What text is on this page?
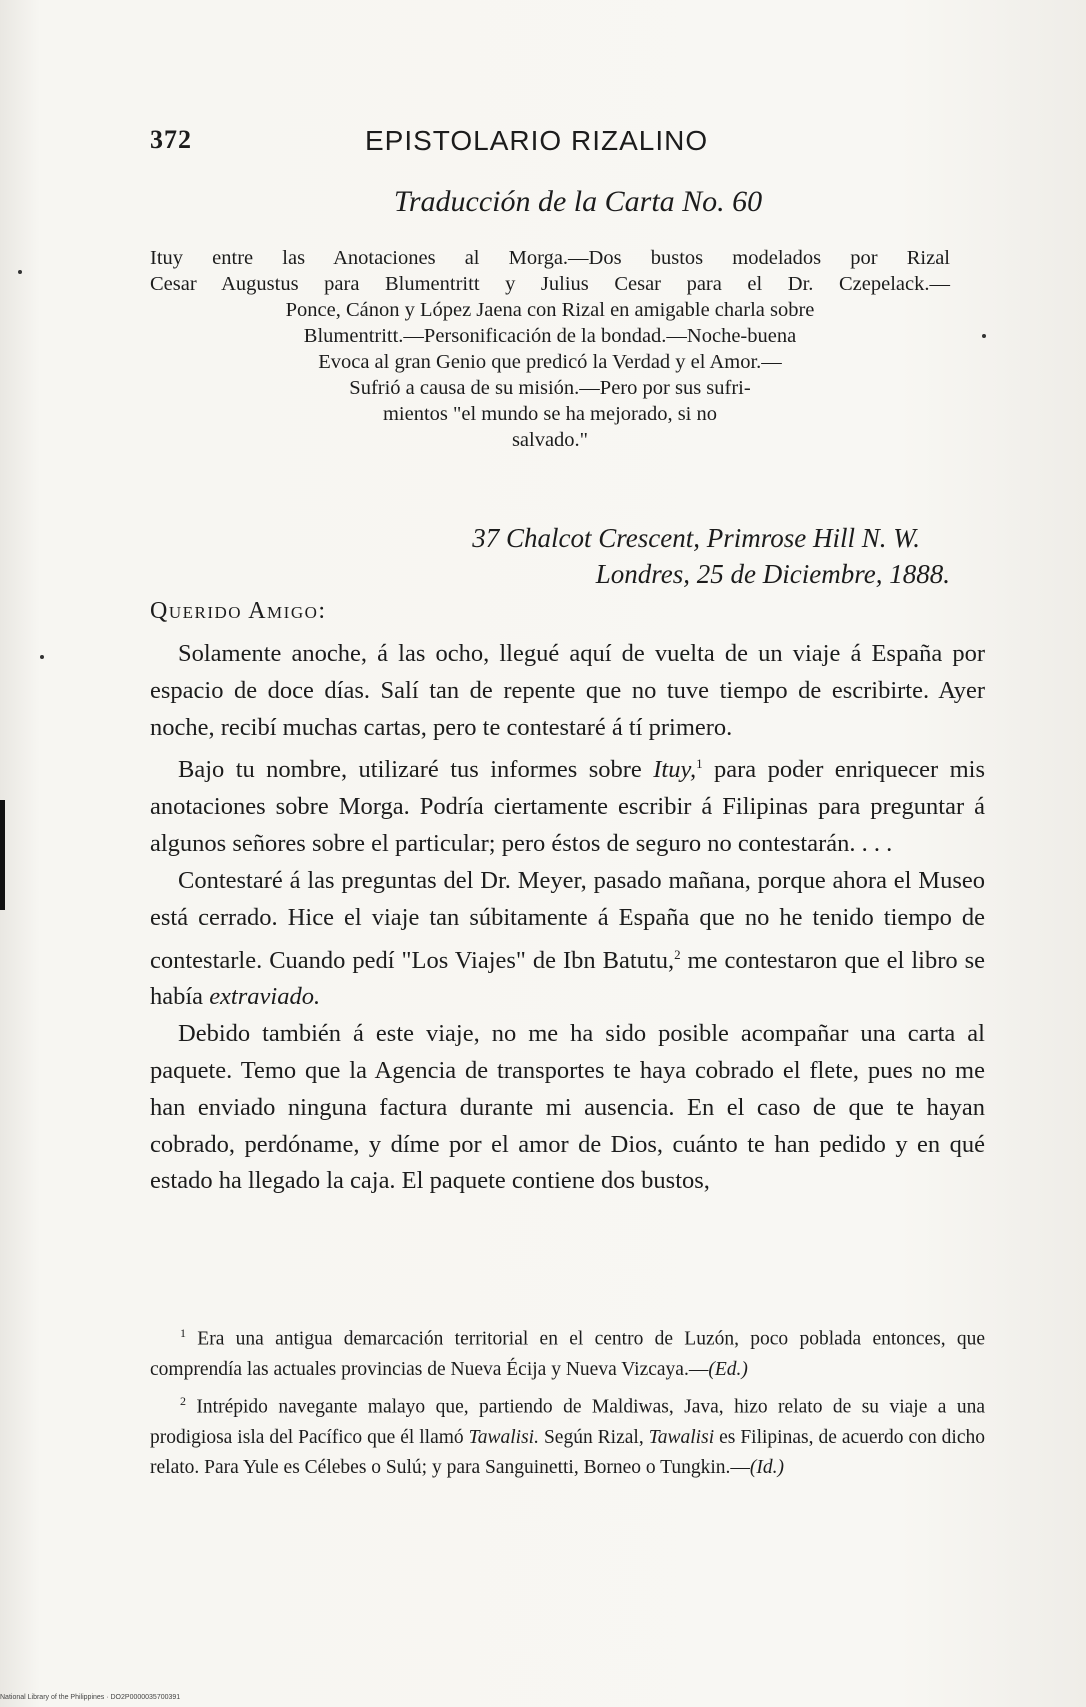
372	EPISTOLARIO RIZALINO
Traducción de la Carta No. 60
Ituy entre las Anotaciones al Morga.—Dos bustos modelados por Rizal
Cesar Augustus para Blumentritt y Julius Cesar para el Dr. Czepelack.—
Ponce, Cánon y López Jaena con Rizal en amigable charla sobre
Blumentritt.—Personificación de la bondad.—Noche-buena
Evoca al gran Genio que predicó la Verdad y el Amor.—
Sufrió a causa de su misión.—Pero por sus sufri-
mientos "el mundo se ha mejorado, si no
salvado."
37 Chalcot Crescent, Primrose Hill N. W.
Londres, 25 de Diciembre, 1888.
Querido Amigo:

Solamente anoche, á las ocho, llegué aquí de vuelta de un viaje á España por espacio de doce días. Salí tan de repente que no tuve tiempo de escribirte. Ayer noche, recibí muchas cartas, pero te contestaré á tí primero.

Bajo tu nombre, utilizaré tus informes sobre Ituy,$^1$ para poder enriquecer mis anotaciones sobre Morga. Podría ciertamente escribir á Filipinas para preguntar á algunos señores sobre el particular; pero éstos de seguro no contestarán. . . .

Contestaré á las preguntas del Dr. Meyer, pasado mañana, porque ahora el Museo está cerrado. Hice el viaje tan súbitamente á España que no he tenido tiempo de contestarle. Cuando pedí "Los Viajes" de Ibn Batutu,$^2$ me contestaron que el libro se había extraviado.

Debido también á este viaje, no me ha sido posible acompañar una carta al paquete. Temo que la Agencia de transportes te haya cobrado el flete, pues no me han enviado ninguna factura durante mi ausencia. En el caso de que te hayan cobrado, perdóname, y díme por el amor de Dios, cuánto te han pedido y en qué estado ha llegado la caja. El paquete contiene dos bustos,

$^1$ Era una antigua demarcación territorial en el centro de Luzón, poco poblada entonces, que comprendía las actuales provincias de Nueva Écija y Nueva Vizcaya.—(Ed.)

$^2$ Intrépido navegante malayo que, partiendo de Maldiwas, Java, hizo relato de su viaje a una prodigiosa isla del Pacífico que él llamó Tawalisi. Según Rizal, Tawalisi es Filipinas, de acuerdo con dicho relato. Para Yule es Célebes o Sulú; y para Sanguinetti, Borneo o Tungkin.—(Id.)

National Library of the Philippines · DO2P0000035700391
